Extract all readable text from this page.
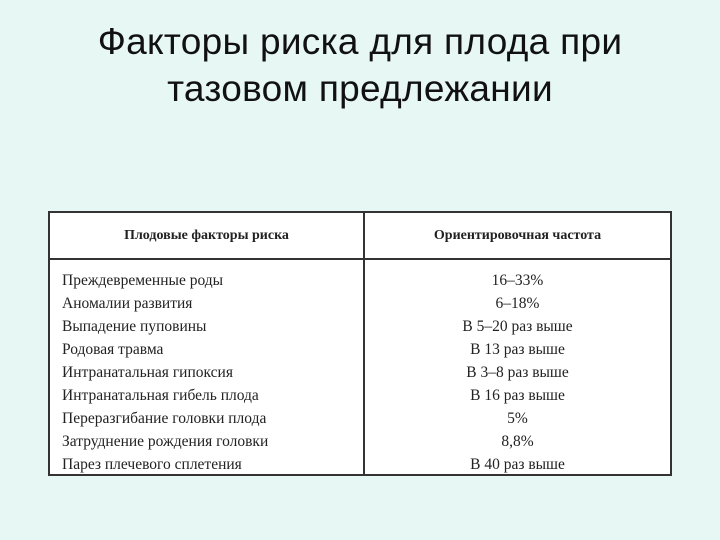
Факторы риска для плода при
тазовом предлежании
Плодовые факторы риска	Ориентировочная частота
Преждевременные роды	16–33%
Аномалии развития	6–18%
Выпадение пуповины	В 5–20 раз выше
Родовая травма	В 13 раз выше
Интранатальная гипоксия	В 3–8 раз выше
Интранатальная гибель плода	В 16 раз выше
Переразгибание головки плода	5%
Затруднение рождения головки	8,8%
Парез плечевого сплетения	В 40 раз выше
